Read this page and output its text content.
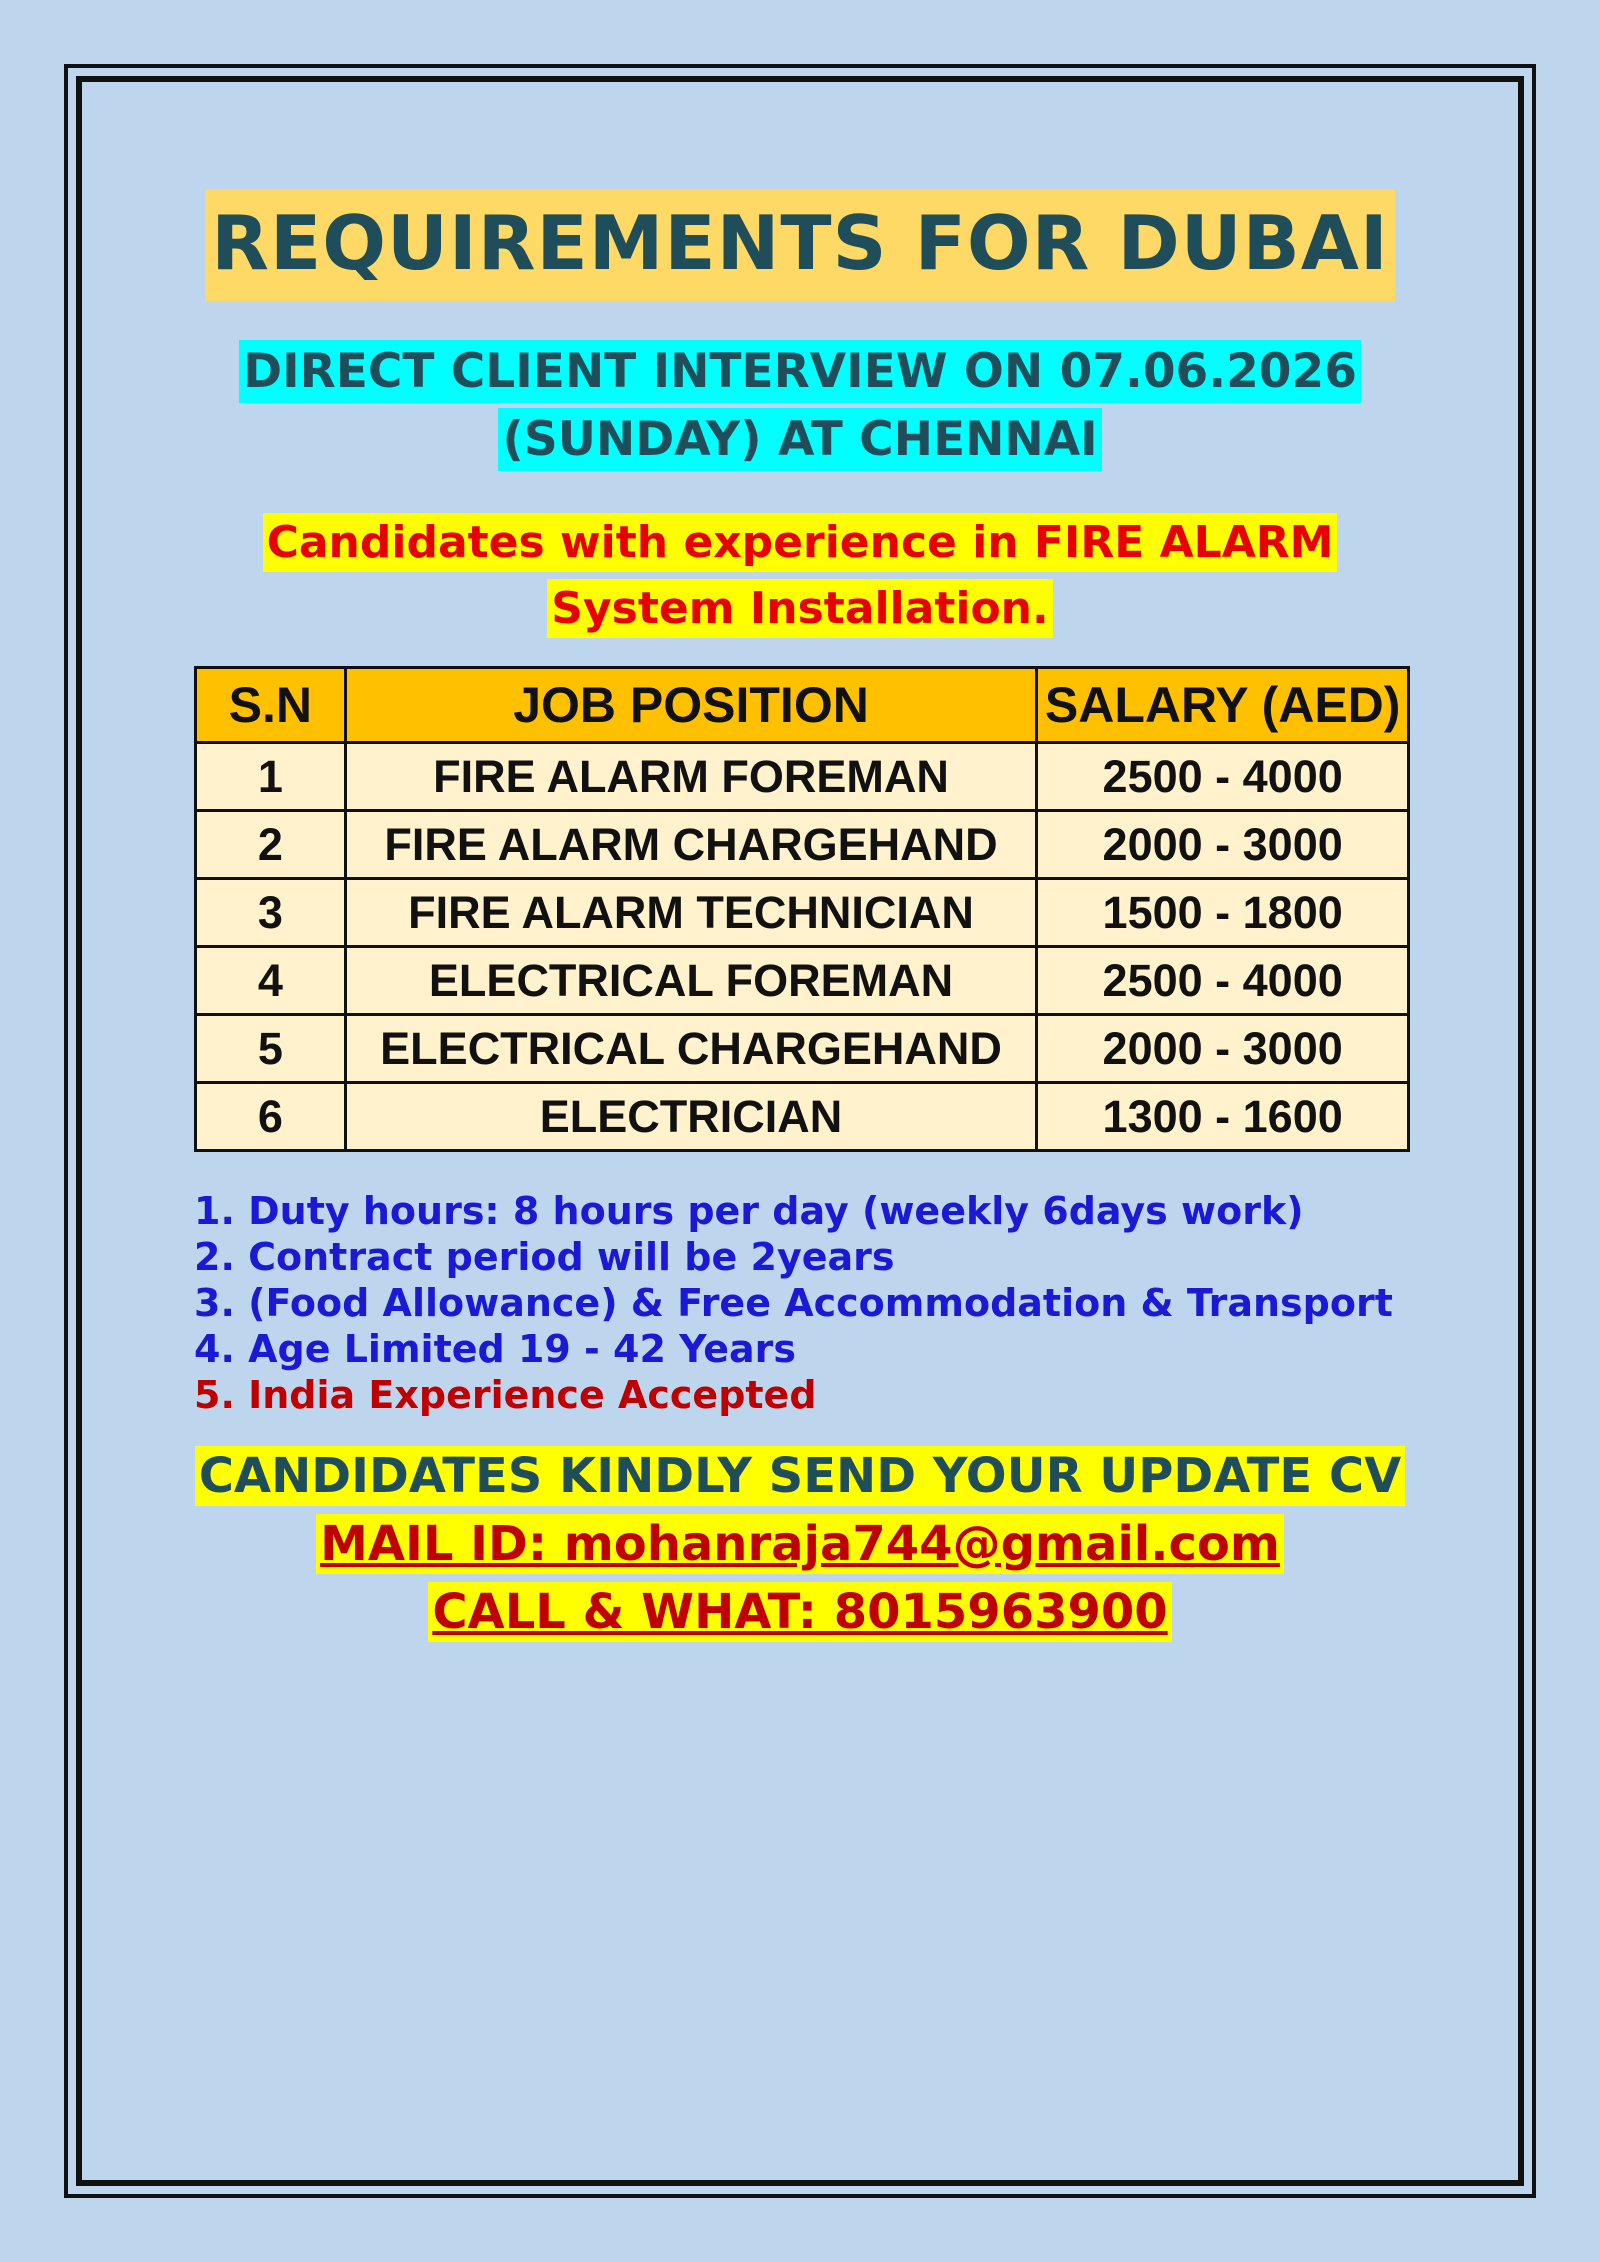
REQUIREMENTS FOR DUBAI
DIRECT CLIENT INTERVIEW ON 07.06.2026
(SUNDAY) AT CHENNAI
Candidates with experience in FIRE ALARM
System Installation.
S.N	JOB POSITION	SALARY (AED)
1	FIRE ALARM FOREMAN	2500 - 4000
2	FIRE ALARM CHARGEHAND	2000 - 3000
3	FIRE ALARM TECHNICIAN	1500 - 1800
4	ELECTRICAL FOREMAN	2500 - 4000
5	ELECTRICAL CHARGEHAND	2000 - 3000
6	ELECTRICIAN	1300 - 1600
1. Duty hours: 8 hours per day (weekly 6days work)
2. Contract period will be 2years
3. (Food Allowance) & Free Accommodation & Transport
4. Age Limited 19 - 42 Years
5. India Experience Accepted
CANDIDATES KINDLY SEND YOUR UPDATE CV
MAIL ID: mohanraja744@gmail.com
CALL & WHAT: 8015963900
